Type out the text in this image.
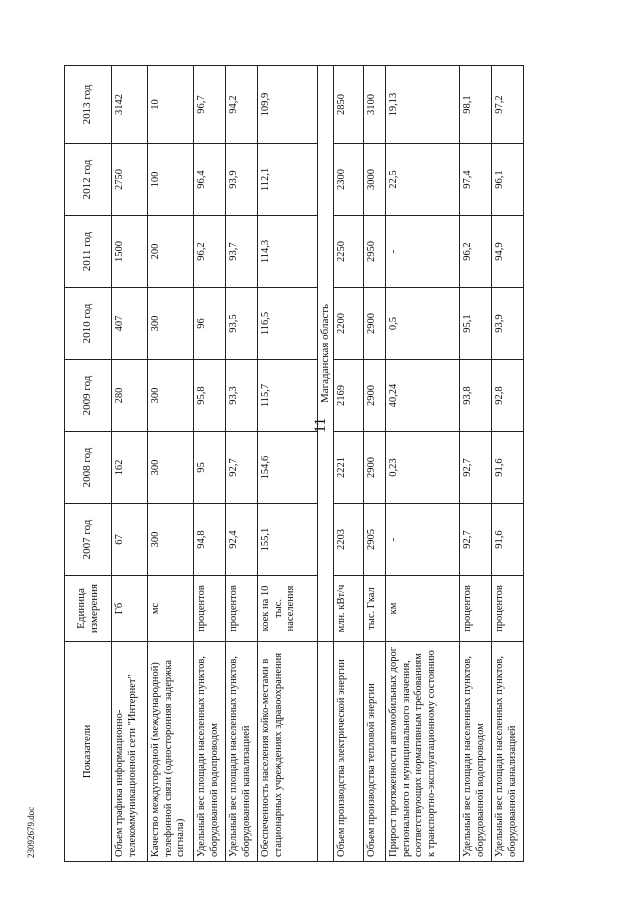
11
Показатели	Единица измерения	2007 год	2008 год	2009 год	2010 год	2011 год	2012 год	2013 год
Объем трафика информационно-телекоммуникационной сети "Интернет"	Гб	67	162	280	407	1500	2750	3142
Качество междугородной (международной) телефонной связи (односторонняя задержка сигнала)	мс	300	300	300	300	200	100	10
Удельный вес площади населенных пунктов, оборудованной водопроводом	процентов	94,8	95	95,8	96	96,2	96,4	96,7
Удельный вес площади населенных пунктов, оборудованной канализацией	процентов	92,4	92,7	93,3	93,5	93,7	93,9	94,2
Обеспеченность населения койко-местами в стационарных учреждениях здравоохранения	коек на 10 тыс. населения	155,1	154,6	115,7	116,5	114,3	112,1	109,9
	Магаданская область							
Объем производства электрической энергии	млн. кВт/ч	2203	2221	2169	2200	2250	2300	2850
Объем производства тепловой энергии	тыс. Гкал	2905	2900	2900	2900	2950	3000	3100
Прирост протяженности автомобильных дорог регионального и муниципального значения, соответствующих нормативным требованиям к транспортно-эксплуатационному состоянию	км	-	0,23	40,24	0,5	-	22,5	19,13
Удельный вес площади населенных пунктов, оборудованной водопроводом	процентов	92,7	92,7	93,8	95,1	96,2	97,4	98,1
Удельный вес площади населенных пунктов, оборудованной канализацией	процентов	91,6	91,6	92,8	93,9	94,9	96,1	97,2
23092679.doc
